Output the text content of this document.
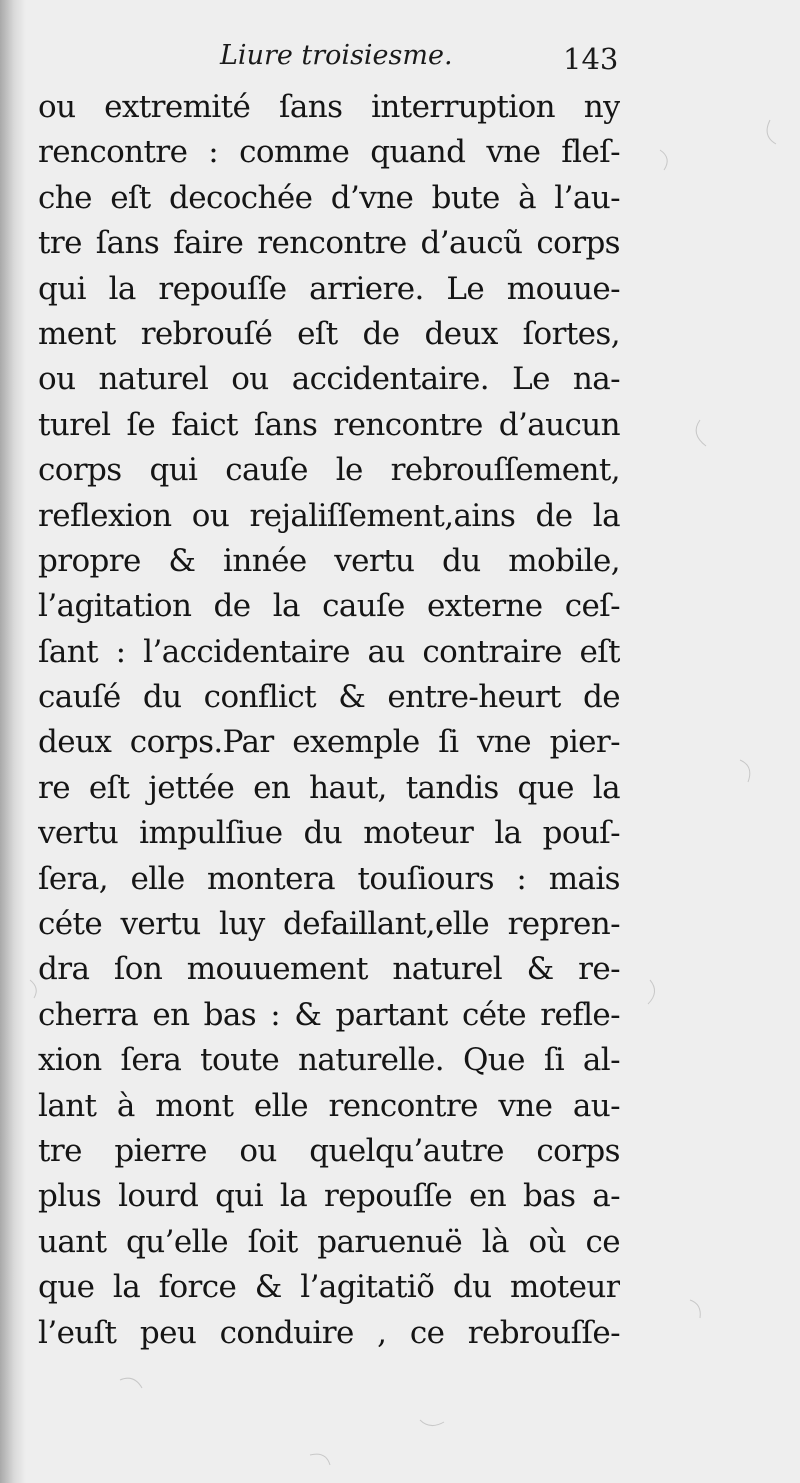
Liure troisiesme.	143
ou extremité ſans interruption ny
rencontre : comme quand vne fleſ-
che eſt decochée d’vne bute à l’au-
tre ſans faire rencontre d’aucũ corps
qui la repouſſe arriere. Le mouue-
ment rebrouſé eſt de deux ſortes,
ou naturel ou accidentaire. Le na-
turel ſe faict ſans rencontre d’aucun
corps qui cauſe le rebrouſſement,
reflexion ou rejaliſſement,ains de la
propre & innée vertu du mobile,
l’agitation de la cauſe externe ceſ-
ſant : l’accidentaire au contraire eſt
cauſé du conflict & entre-heurt de
deux corps.Par exemple ſi vne pier-
re eſt jettée en haut, tandis que la
vertu impulſiue du moteur la pouſ-
ſera, elle montera touſiours : mais
céte vertu luy defaillant,elle repren-
dra ſon mouuement naturel & re-
cherra en bas : & partant céte refle-
xion ſera toute naturelle. Que ſi al-
lant à mont elle rencontre vne au-
tre pierre ou quelqu’autre corps
plus lourd qui la repouſſe en bas a-
uant qu’elle ſoit paruenuë là où ce
que la force & l’agitatiõ du moteur
l’euſt peu conduire , ce rebrouſſe-
